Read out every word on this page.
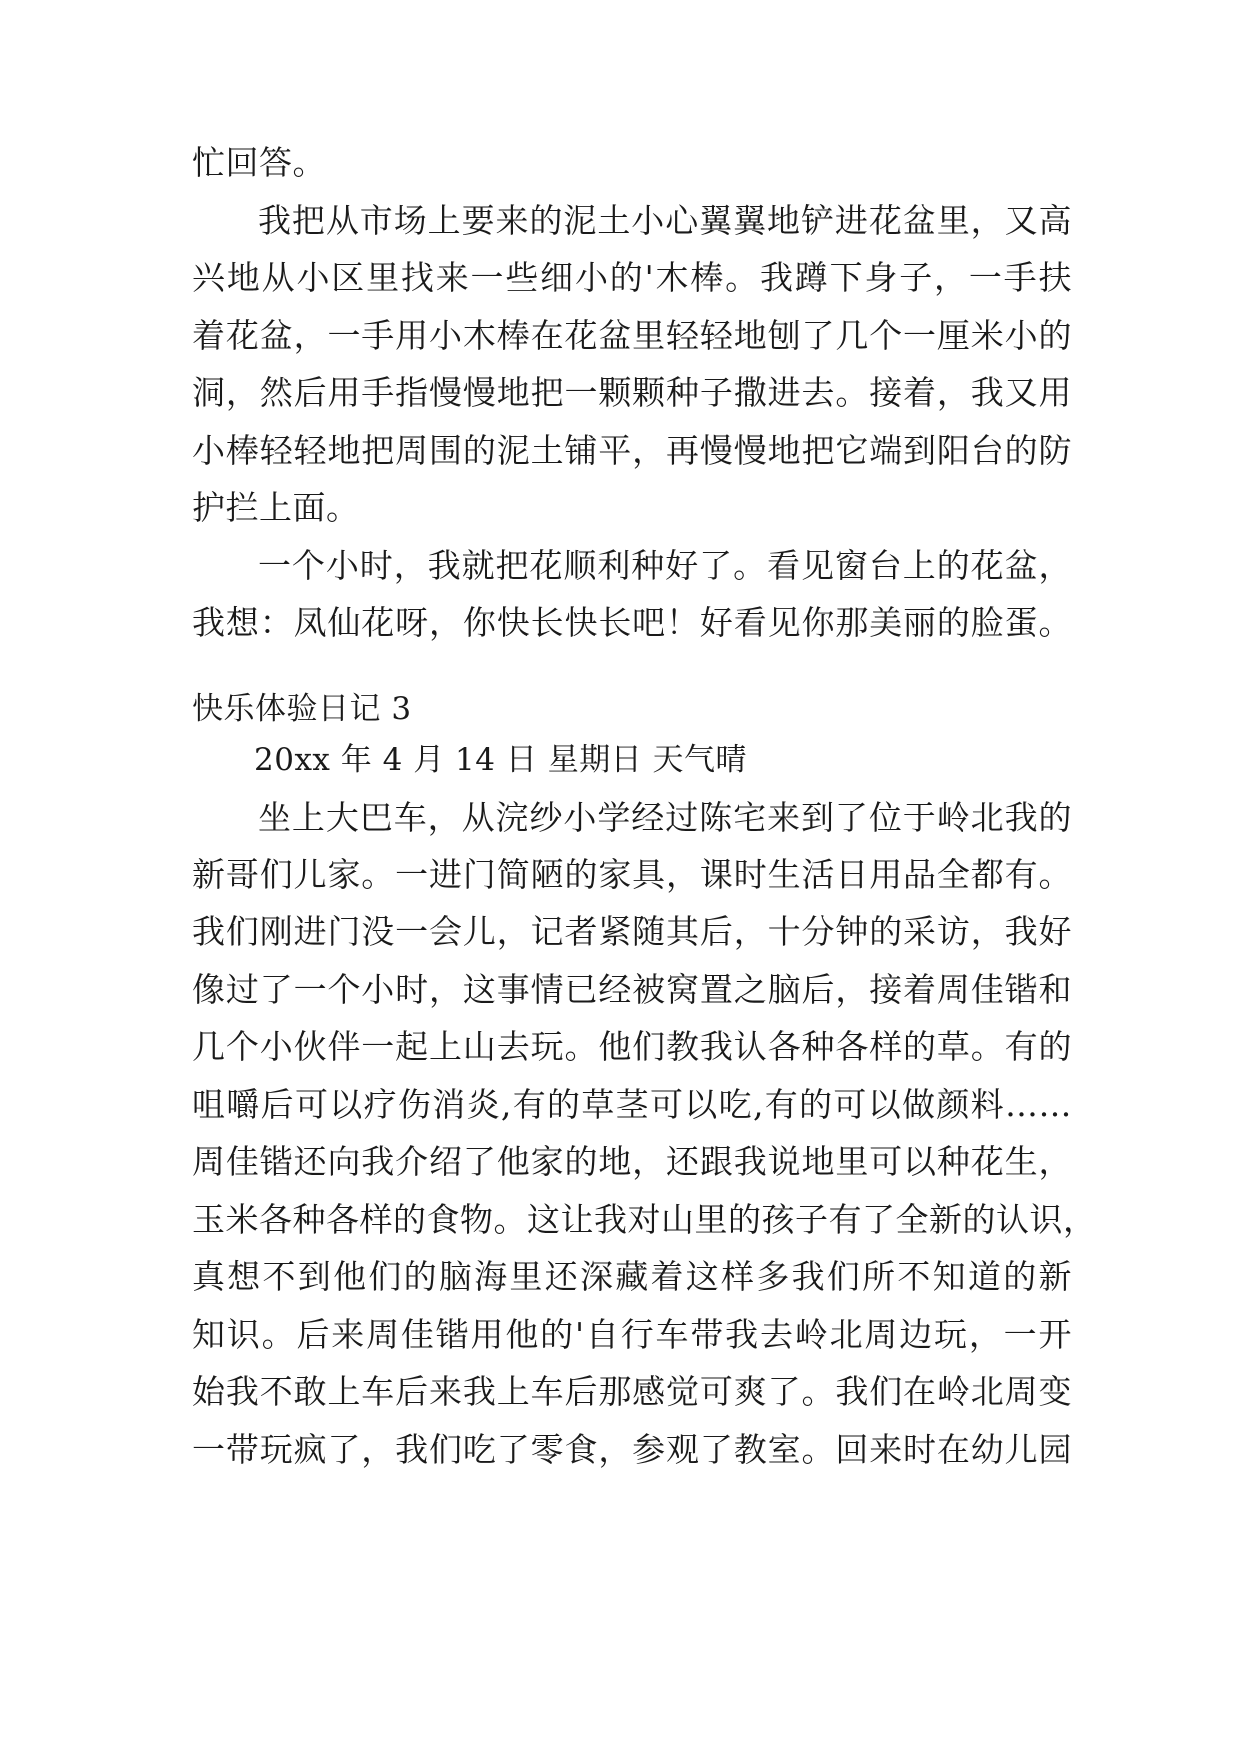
忙回答。
我把从市场上要来的泥土小心翼翼地铲进花盆里，又高
兴地从小区里找来一些细小的'木棒。我蹲下身子，一手扶
着花盆，一手用小木棒在花盆里轻轻地刨了几个一厘米小的
洞，然后用手指慢慢地把一颗颗种子撒进去。接着，我又用
小棒轻轻地把周围的泥土铺平，再慢慢地把它端到阳台的防
护拦上面。
一个小时，我就把花顺利种好了。看见窗台上的花盆，
我想：凤仙花呀，你快长快长吧！好看见你那美丽的脸蛋。
快乐体验日记 3
20xx 年 4 月 14 日 星期日 天气晴
坐上大巴车，从浣纱小学经过陈宅来到了位于岭北我的
新哥们儿家。一进门简陋的家具，课时生活日用品全都有。
我们刚进门没一会儿，记者紧随其后，十分钟的采访，我好
像过了一个小时，这事情已经被窝置之脑后，接着周佳锴和
几个小伙伴一起上山去玩。他们教我认各种各样的草。有的
咀嚼后可以疗伤消炎,有的草茎可以吃,有的可以做颜料……
周佳锴还向我介绍了他家的地，还跟我说地里可以种花生，
玉米各种各样的食物。这让我对山里的孩子有了全新的认识，
真想不到他们的脑海里还深藏着这样多我们所不知道的新
知识。后来周佳锴用他的'自行车带我去岭北周边玩，一开
始我不敢上车后来我上车后那感觉可爽了。我们在岭北周变
一带玩疯了，我们吃了零食，参观了教室。回来时在幼儿园
